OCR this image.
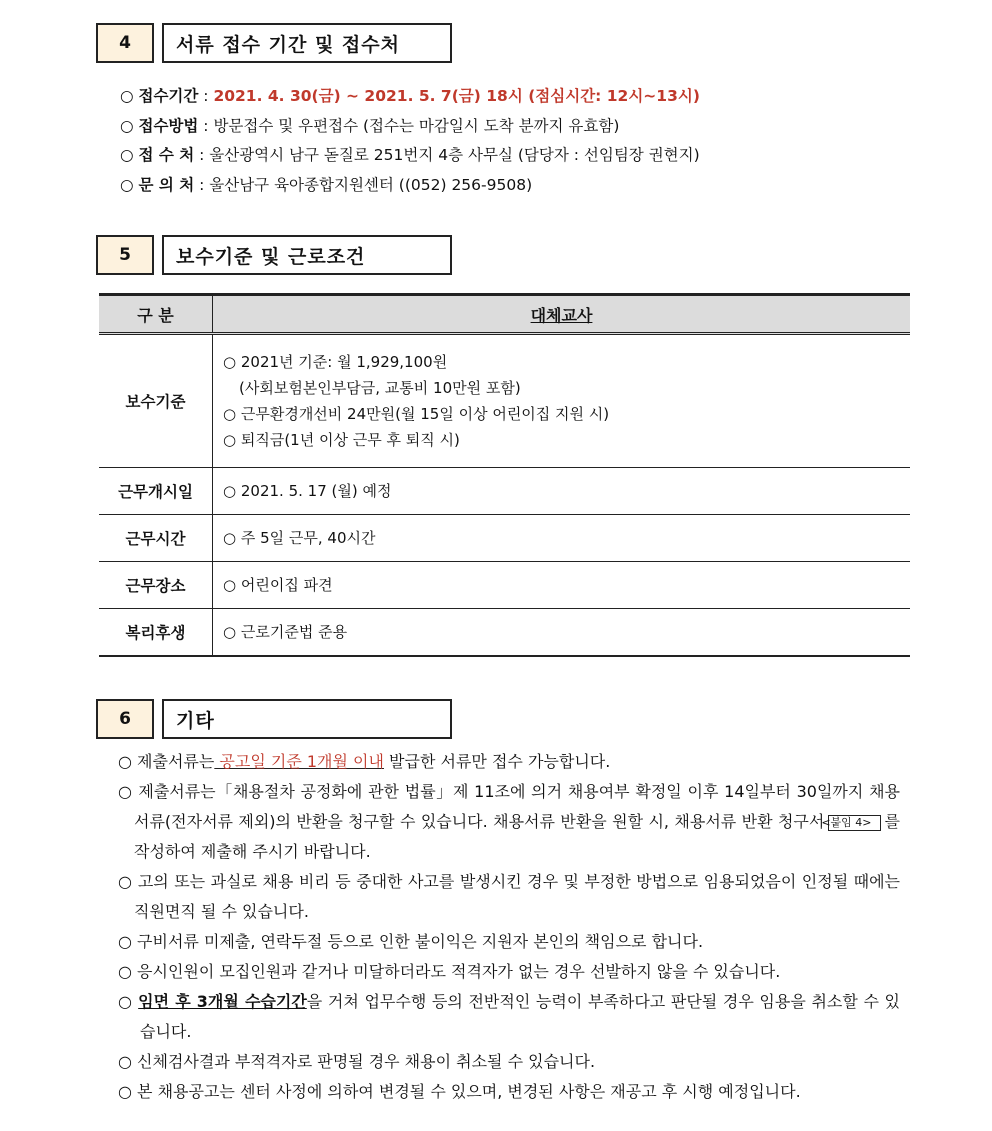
4	서류 접수 기간 및 접수처
○ 접수기간 : 2021. 4. 30(금) ~ 2021. 5. 7(금) 18시 (점심시간: 12시~13시)
○ 접수방법 : 방문접수 및 우편접수 (접수는 마감일시 도착 분까지 유효함)
○ 접 수 처 : 울산광역시 남구 돋질로 251번지 4층 사무실 (담당자 : 선임팀장 권현지)
○ 문 의 처 : 울산남구 육아종합지원센터 ((052) 256-9508)
5	보수기준 및 근로조건
구 분	대체교사
보수기준	○ 2021년 기준: 월 1,929,100원
(사회보험본인부담금, 교통비 10만원 포함)
○ 근무환경개선비 24만원(월 15일 이상 어린이집 지원 시)
○ 퇴직금(1년 이상 근무 후 퇴직 시)

근무개시일	○ 2021. 5. 17 (월) 예정
근무시간	○ 주 5일 근무, 40시간
근무장소	○ 어린이집 파견
복리후생	○ 근로기준법 준용
6	기타

○ 제출서류는 공고일 기준 1개월 이내 발급한 서류만 접수 가능합니다.

○ 제출서류는「채용절차 공정화에 관한 법률」제 11조에 의거 채용여부 확정일 이후 14일부터 30일까지 채용서류(전자서류 제외)의 반환을 청구할 수 있습니다. 채용서류 반환을 원할 시, 채용서류 반환 청구서<붙임 4> 를 작성하여 제출해 주시기 바랍니다.

○ 고의 또는 과실로 채용 비리 등 중대한 사고를 발생시킨 경우 및 부정한 방법으로 임용되었음이 인정될 때에는 직원면직 될 수 있습니다.

○ 구비서류 미제출, 연락두절 등으로 인한 불이익은 지원자 본인의 책임으로 합니다.

○ 응시인원이 모집인원과 같거나 미달하더라도 적격자가 없는 경우 선발하지 않을 수 있습니다.

○ 임면 후 3개월 수습기간을 거쳐 업무수행 등의 전반적인 능력이 부족하다고 판단될 경우 임용을 취소할 수 있습니다.

○ 신체검사결과 부적격자로 판명될 경우 채용이 취소될 수 있습니다.

○ 본 채용공고는 센터 사정에 의하여 변경될 수 있으며, 변경된 사항은 재공고 후 시행 예정입니다.
